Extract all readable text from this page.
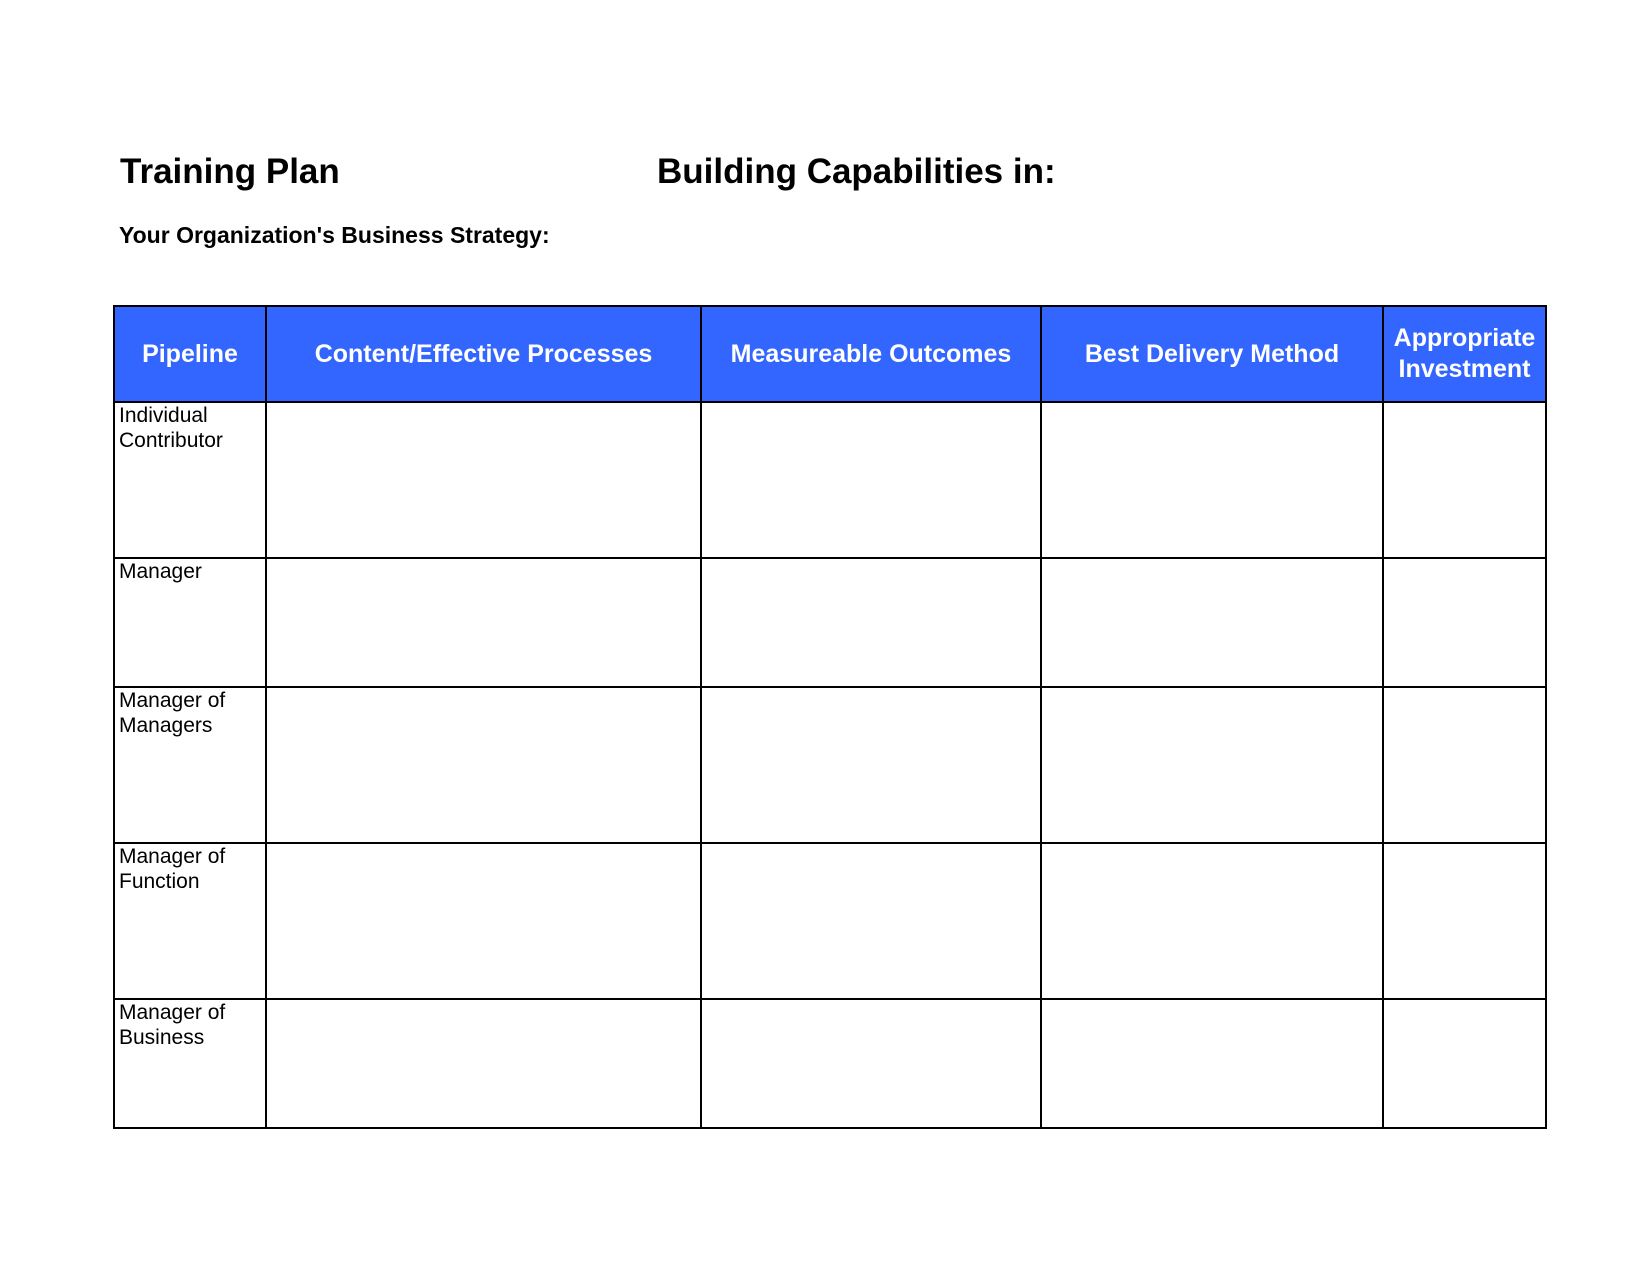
Training Plan	Building Capabilities in:
Your Organization's Business Strategy:
Pipeline	Content/Effective Processes	Measureable Outcomes	Best Delivery Method	Appropriate Investment

Individual
Contributor				

Manager				

Manager of
Managers				

Manager of
Function				

Manager of
Business				
